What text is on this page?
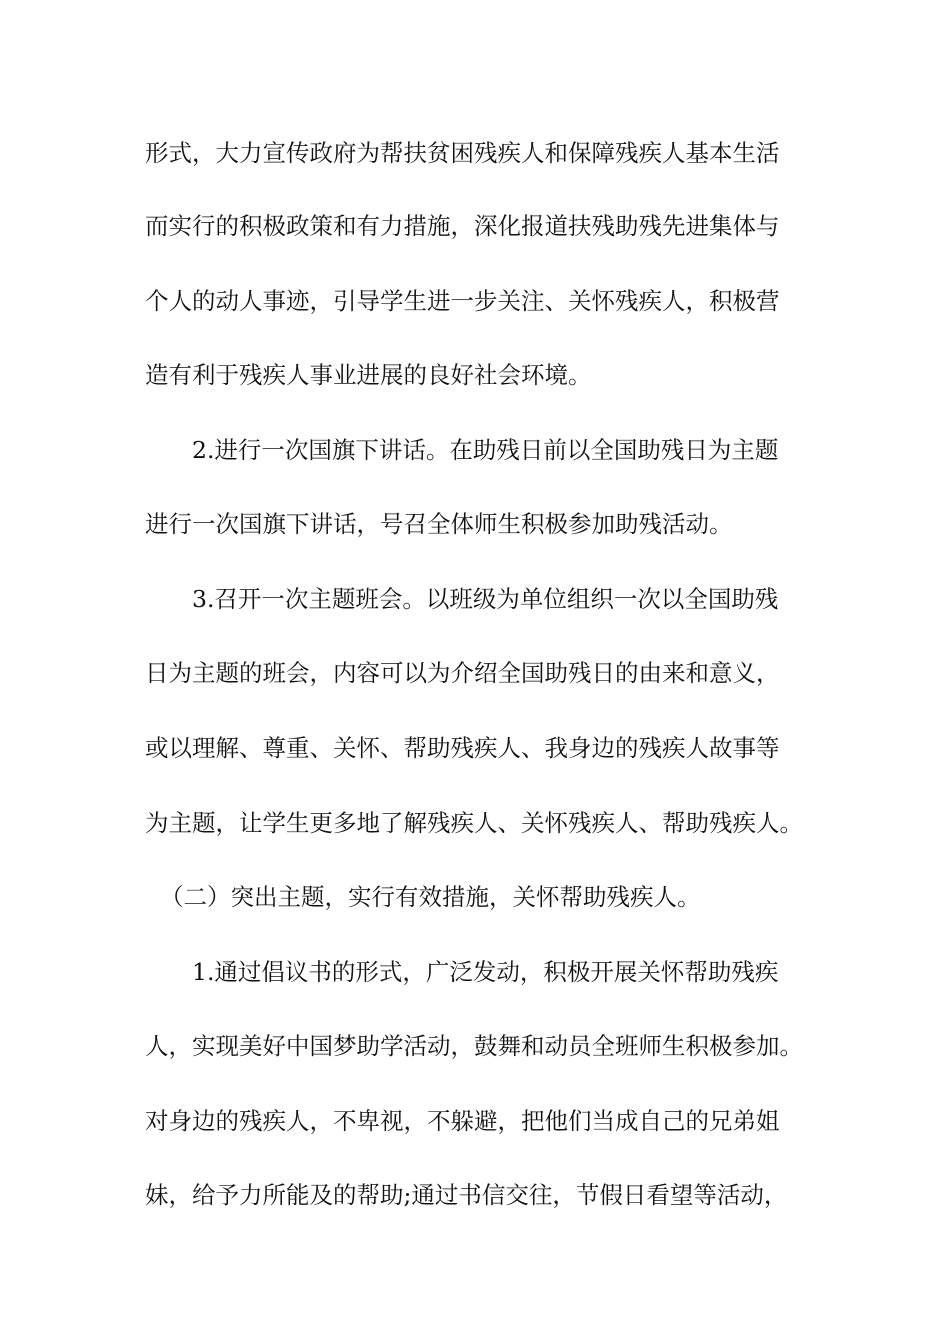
形式，大力宣传政府为帮扶贫困残疾人和保障残疾人基本生活
而实行的积极政策和有力措施，深化报道扶残助残先进集体与
个人的动人事迹，引导学生进一步关注、关怀残疾人，积极营
造有利于残疾人事业进展的良好社会环境。
2.进行一次国旗下讲话。在助残日前以全国助残日为主题
进行一次国旗下讲话，号召全体师生积极参加助残活动。
3.召开一次主题班会。以班级为单位组织一次以全国助残
日为主题的班会，内容可以为介绍全国助残日的由来和意义，
或以理解、尊重、关怀、帮助残疾人、我身边的残疾人故事等
为主题，让学生更多地了解残疾人、关怀残疾人、帮助残疾人。
（二）突出主题，实行有效措施，关怀帮助残疾人。
1.通过倡议书的形式，广泛发动，积极开展关怀帮助残疾
人，实现美好中国梦助学活动，鼓舞和动员全班师生积极参加。
对身边的残疾人，不卑视，不躲避，把他们当成自己的兄弟姐
妹，给予力所能及的帮助;通过书信交往，节假日看望等活动，
